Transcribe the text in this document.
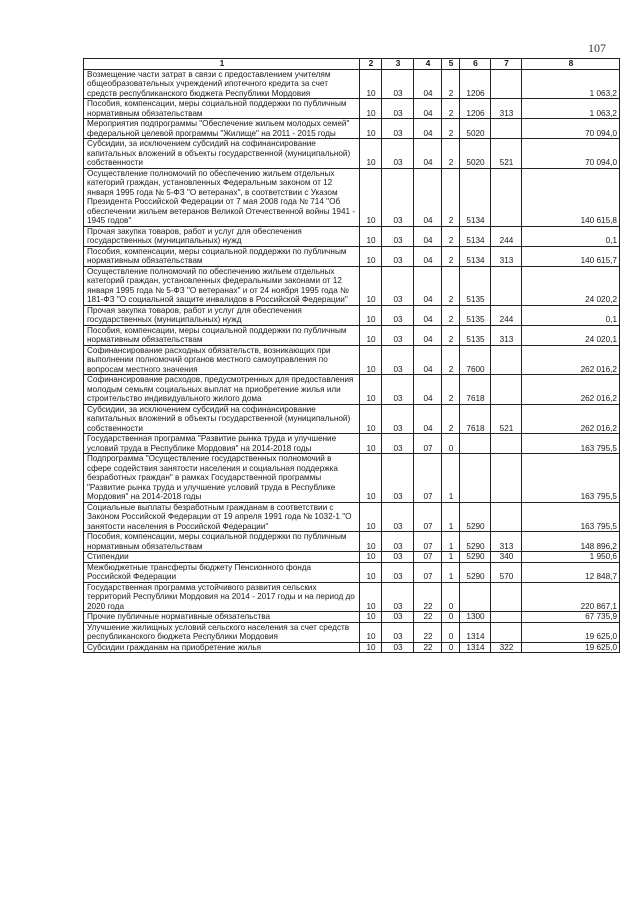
107
1	2	3	4	5	6	7	8
Возмещение части затрат в связи с предоставлением учителям общеобразовательных учреждений ипотечного кредита за счет средств республиканского бюджета Республики Мордовия	10	03	04	2	1206		1 063,2
Пособия, компенсации, меры социальной поддержки по публичным нормативным обязательствам	10	03	04	2	1206	313	1 063,2
Мероприятия подпрограммы "Обеспечение жильем молодых семей" федеральной целевой программы "Жилище" на 2011 - 2015 годы	10	03	04	2	5020		70 094,0
Субсидии, за исключением субсидий на софинансирование капитальных вложений в объекты государственной (муниципальной) собственности	10	03	04	2	5020	521	70 094,0
Осуществление полномочий по обеспечению жильем отдельных категорий граждан, установленных Федеральным законом от 12 января 1995 года № 5-ФЗ "О ветеранах", в соответствии с Указом Президента Российской Федерации от 7 мая 2008 года № 714 "Об обеспечении жильем ветеранов Великой Отечественной войны 1941 - 1945 годов"	10	03	04	2	5134		140 615,8
Прочая закупка товаров, работ и услуг для обеспечения государственных (муниципальных) нужд	10	03	04	2	5134	244	0,1
Пособия, компенсации, меры социальной поддержки по публичным нормативным обязательствам	10	03	04	2	5134	313	140 615,7
Осуществление полномочий по обеспечению жильем отдельных категорий граждан, установленных федеральными законами от 12 января 1995 года № 5-ФЗ "О ветеранах" и от 24 ноября 1995 года № 181-ФЗ "О социальной защите инвалидов в Российской Федерации"	10	03	04	2	5135		24 020,2
Прочая закупка товаров, работ и услуг для обеспечения государственных (муниципальных) нужд	10	03	04	2	5135	244	0,1
Пособия, компенсации, меры социальной поддержки по публичным нормативным обязательствам	10	03	04	2	5135	313	24 020,1
Софинансирование расходных обязательств, возникающих при выполнении полномочий органов местного самоуправления по вопросам местного значения	10	03	04	2	7600		262 016,2
Софинансирование расходов, предусмотренных для предоставления молодым семьям социальных выплат на приобретение жилья или строительство индивидуального жилого дома	10	03	04	2	7618		262 016,2
Субсидии, за исключением субсидий на софинансирование капитальных вложений в объекты государственной (муниципальной) собственности	10	03	04	2	7618	521	262 016,2
Государственная программа "Развитие рынка труда и улучшение условий труда в Республике Мордовия" на 2014-2018 годы	10	03	07	0			163 795,5
Подпрограмма "Осуществление государственных полномочий в сфере содействия занятости населения и социальная поддержка безработных граждан" в рамках Государственной программы "Развитие рынка труда и улучшение условий труда в Республике Мордовия" на 2014-2018 годы	10	03	07	1			163 795,5
Социальные выплаты безработным гражданам в соответствии с Законом Российской Федерации от 19 апреля 1991 года № 1032-1 "О занятости населения в Российской Федерации"	10	03	07	1	5290		163 795,5
Пособия, компенсации, меры социальной поддержки по публичным нормативным обязательствам	10	03	07	1	5290	313	148 896,2
Стипендии	10	03	07	1	5290	340	1 950,6
Межбюджетные трансферты бюджету Пенсионного фонда Российской Федерации	10	03	07	1	5290	570	12 848,7
Государственная программа устойчивого развития сельских территорий Республики Мордовия на 2014 - 2017 годы и на период до 2020 года	10	03	22	0			220 867,1
Прочие публичные нормативные обязательства	10	03	22	0	1300		67 735,9
Улучшение жилищных условий сельского населения за счет средств республиканского бюджета Республики Мордовия	10	03	22	0	1314		19 625,0
Субсидии гражданам на приобретение жилья	10	03	22	0	1314	322	19 625,0
